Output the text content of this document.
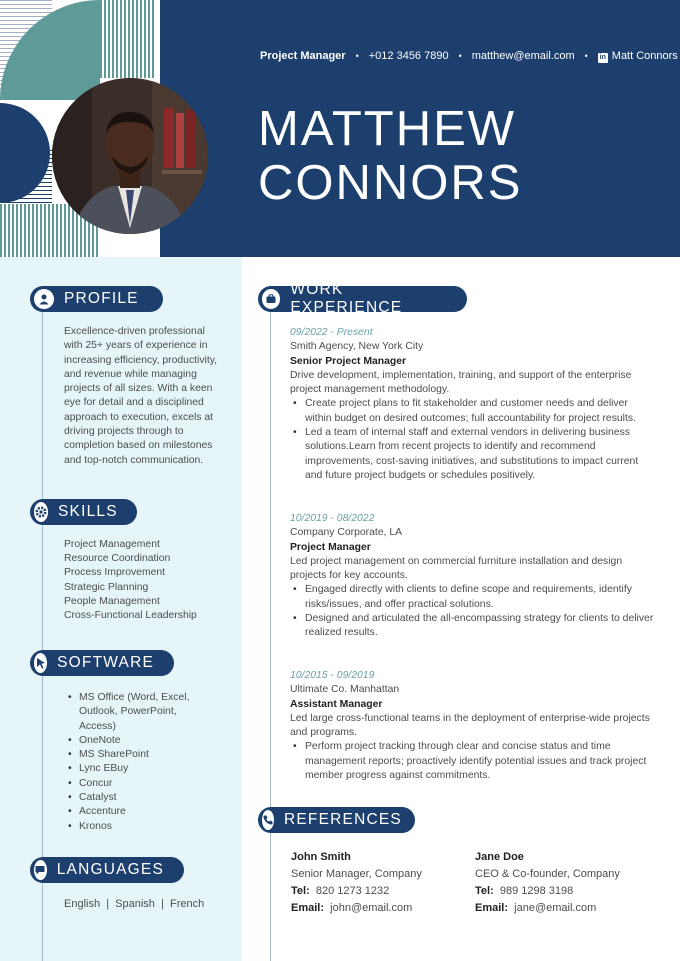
Project Manager • +012 3456 7890 • matthew@email.com • in Matt Connors
MATTHEW
CONNORS
PROFILE
Excellence-driven professional
with 25+ years of experience in
increasing efficiency, productivity,
and revenue while managing
projects of all sizes. With a keen
eye for detail and a disciplined
approach to execution, excels at
driving projects through to
completion based on milestones
and top-notch communication.
SKILLS
Project Management
Resource Coordination
Process Improvement
Strategic Planning
People Management
Cross-Functional Leadership
SOFTWARE
• MS Office (Word, Excel,
Outlook, PowerPoint,
Access)
• OneNote
• MS SharePoint
• Lync EBuy
• Concur
• Catalyst
• Accenture
• Kronos
LANGUAGES
English  |  Spanish  |  French
WORK EXPERIENCE
09/2022 - Present
Smith Agency, New York City
Senior Project Manager
Drive development, implementation, training, and support of the enterprise
project management methodology.
• Create project plans to fit stakeholder and customer needs and deliver
within budget on desired outcomes; full accountability for project results.
• Led a team of internal staff and external vendors in delivering business
solutions.Learn from recent projects to identify and recommend
improvements, cost-saving initiatives, and substitutions to impact current
and future project budgets or schedules positively.
10/2019 - 08/2022
Company Corporate, LA
Project Manager
Led project management on commercial furniture installation and design
projects for key accounts.
• Engaged directly with clients to define scope and requirements, identify
risks/issues, and offer practical solutions.
• Designed and articulated the all-encompassing strategy for clients to deliver
realized results.
10/2015 - 09/2019
Ultimate Co. Manhattan
Assistant Manager
Led large cross-functional teams in the deployment of enterprise-wide projects
and programs.
• Perform project tracking through clear and concise status and time
management reports; proactively identify potential issues and track project
member progress against commitments.
REFERENCES
John Smith
Senior Manager, Company
Tel: 820 1273 1232
Email: john@email.com
Jane Doe
CEO & Co-founder, Company
Tel: 989 1298 3198
Email: jane@email.com
